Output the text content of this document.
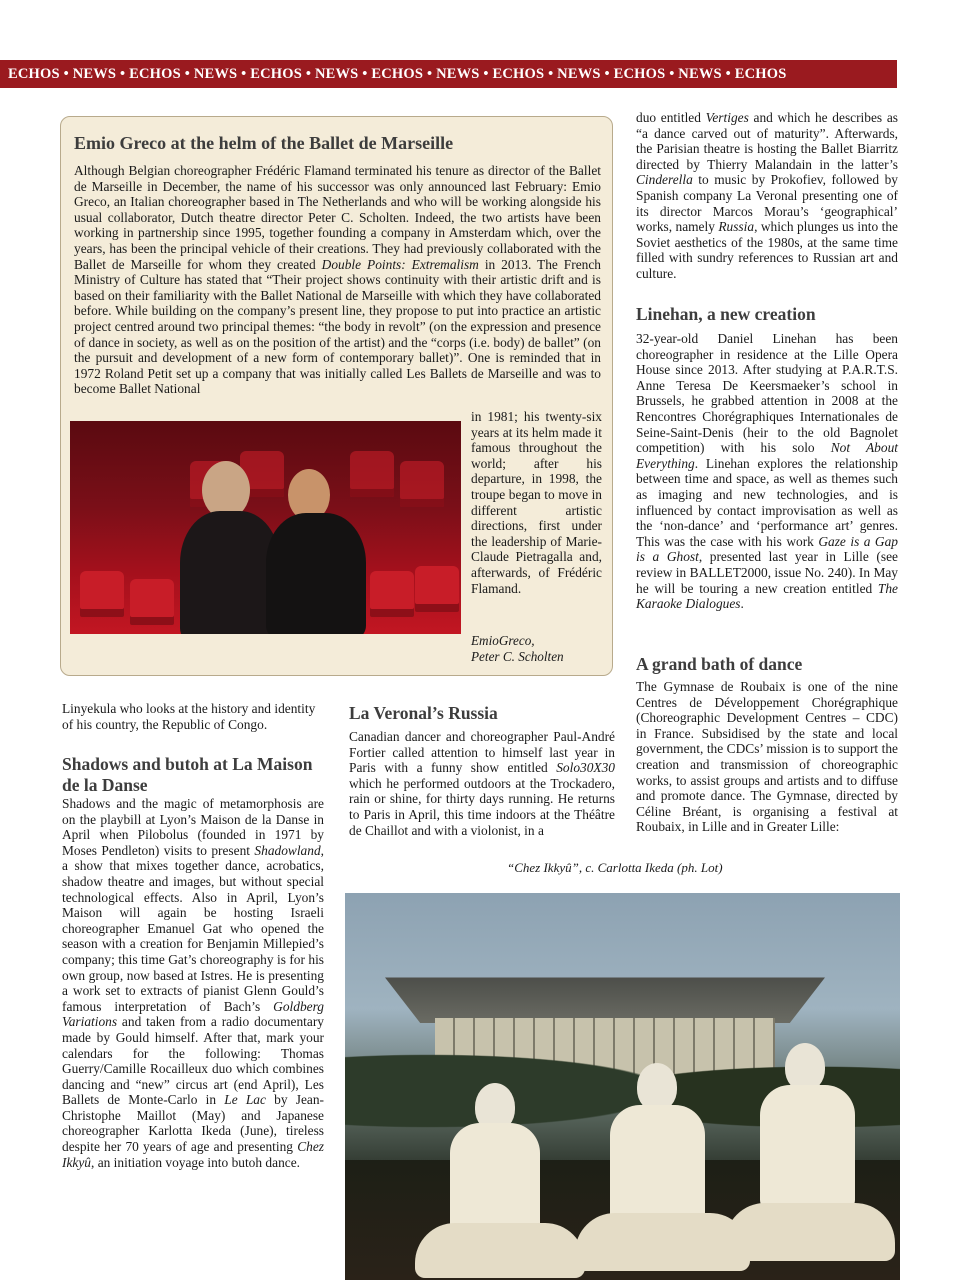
ECHOS • NEWS • ECHOS • NEWS • ECHOS • NEWS • ECHOS • NEWS • ECHOS • NEWS • ECHOS • NEWS • ECHOS
Emio Greco at the helm of the Ballet de Marseille
Although Belgian choreographer Frédéric Flamand terminated his tenure as director of the Ballet de Marseille in December, the name of his successor was only announced last February: Emio Greco, an Italian choreographer based in The Netherlands and who will be working alongside his usual collaborator, Dutch theatre director Peter C. Scholten. Indeed, the two artists have been working in partnership since 1995, together founding a company in Amsterdam which, over the years, has been the principal vehicle of their creations. They had previously collaborated with the Ballet de Marseille for whom they created Double Points: Extremalism in 2013. The French Ministry of Culture has stated that “Their project shows continuity with their artistic drift and is based on their familiarity with the Ballet National de Marseille with which they have collaborated before. While building on the company’s present line, they propose to put into practice an artistic project centred around two principal themes: “the body in revolt” (on the expression and presence of dance in society, as well as on the position of the artist) and the “corps (i.e. body) de ballet” (on the pursuit and development of a new form of contemporary ballet)”. One is reminded that in 1972 Roland Petit set up a company that was initially called Les Ballets de Marseille and was to become Ballet National
in 1981; his twenty-six years at its helm made it famous throughout the world; after his departure, in 1998, the troupe began to move in different artistic directions, first under the leadership of Marie-Claude Pietragalla and, afterwards, of Frédéric Flamand.
EmioGreco,
Peter C. Scholten
duo entitled Vertiges and which he describes as “a dance carved out of maturity”. Afterwards, the Parisian theatre is hosting the Ballet Biarritz directed by Thierry Malandain in the latter’s Cinderella to music by Prokofiev, followed by Spanish company La Veronal presenting one of its director Marcos Morau’s ‘geographical’ works, namely Russia, which plunges us into the Soviet aesthetics of the 1980s, at the same time filled with sundry references to Russian art and culture.
Linehan, a new creation
32-year-old Daniel Linehan has been choreographer in residence at the Lille Opera House since 2013. After studying at P.A.R.T.S. Anne Teresa De Keersmaeker’s school in Brussels, he grabbed attention in 2008 at the Rencontres Chorégraphiques Internationales de Seine-Saint-Denis (heir to the old Bagnolet competition) with his solo Not About Everything. Linehan explores the relationship between time and space, as well as themes such as imaging and new technologies, and is influenced by contact improvisation as well as the ‘non-dance’ and ‘performance art’ genres. This was the case with his work Gaze is a Gap is a Ghost, presented last year in Lille (see review in BALLET2000, issue No. 240). In May he will be touring a new creation entitled The Karaoke Dialogues.
A grand bath of dance
The Gymnase de Roubaix is one of the nine Centres de Développement Chorégraphique (Choreographic Development Centres – CDC) in France. Subsidised by the state and local government, the CDCs’ mission is to support the creation and transmission of choreographic works, to assist groups and artists and to diffuse and promote dance. The Gymnase, directed by Céline Bréant, is organising a festival at Roubaix, in Lille and in Greater Lille:
Linyekula who looks at the history and identity of his country, the Republic of Congo.
Shadows and butoh at La Maison de la Danse
Shadows and the magic of metamorphosis are on the playbill at Lyon’s Maison de la Danse in April when Pilobolus (founded in 1971 by Moses Pendleton) visits to present Shadowland, a show that mixes together dance, acrobatics, shadow theatre and images, but without special technological effects. Also in April, Lyon’s Maison will again be hosting Israeli choreographer Emanuel Gat who opened the season with a creation for Benjamin Millepied’s company; this time Gat’s choreography is for his own group, now based at Istres. He is presenting a work set to extracts of pianist Glenn Gould’s famous interpretation of Bach’s Goldberg Variations and taken from a radio documentary made by Gould himself. After that, mark your calendars for the following: Thomas Guerry/Camille Rocailleux duo which combines dancing and “new” circus art (end April), Les Ballets de Monte-Carlo in Le Lac by Jean-Christophe Maillot (May) and Japanese choreographer Karlotta Ikeda (June), tireless despite her 70 years of age and presenting Chez Ikkyû, an initiation voyage into butoh dance.
La Veronal’s Russia
Canadian dancer and choreographer Paul-André Fortier called attention to himself last year in Paris with a funny show entitled Solo30X30 which he performed outdoors at the Trockadero, rain or shine, for thirty days running. He returns to Paris in April, this time indoors at the Théâtre de Chaillot and with a violonist, in a
“Chez Ikkyû”, c. Carlotta Ikeda (ph. Lot)
